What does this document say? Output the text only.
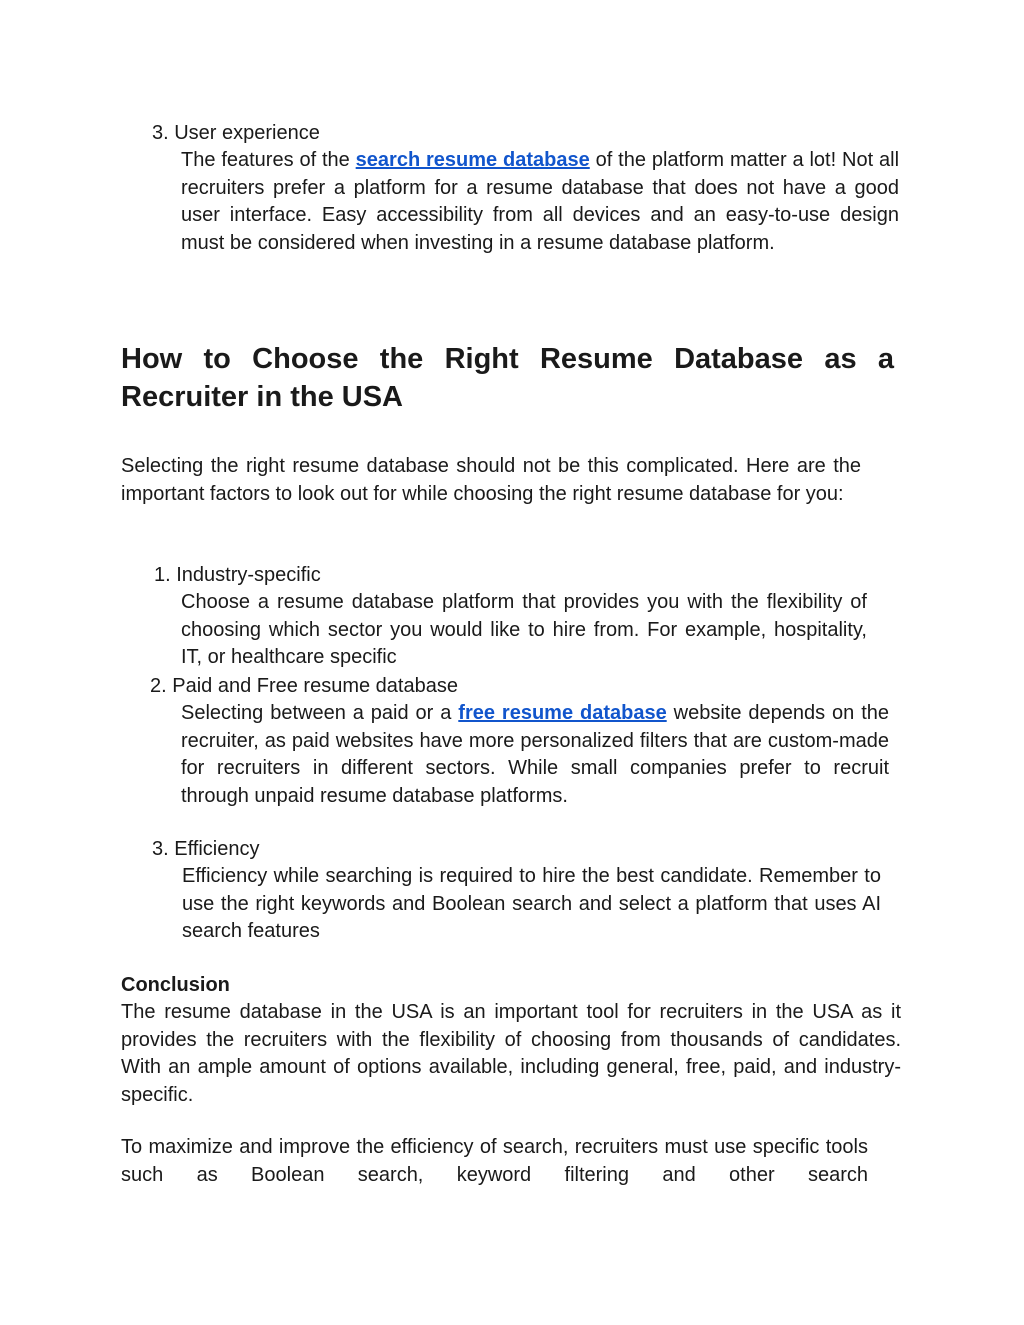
3. User experience

The features of the search resume database of the platform matter a lot! Not all recruiters prefer a platform for a resume database that does not have a good user interface. Easy accessibility from all devices and an easy-to-use design must be considered when investing in a resume database platform.

How to Choose the Right Resume Database as a Recruiter in the USA

Selecting the right resume database should not be this complicated. Here are the important factors to look out for while choosing the right resume database for you:

1. Industry-specific

Choose a resume database platform that provides you with the flexibility of choosing which sector you would like to hire from. For example, hospitality, IT, or healthcare specific

2. Paid and Free resume database

Selecting between a paid or a free resume database website depends on the recruiter, as paid websites have more personalized filters that are custom-made for recruiters in different sectors. While small companies prefer to recruit through unpaid resume database platforms.

3. Efficiency

Efficiency while searching is required to hire the best candidate. Remember to use the right keywords and Boolean search and select a platform that uses AI search features

Conclusion

The resume database in the USA is an important tool for recruiters in the USA as it provides the recruiters with the flexibility of choosing from thousands of candidates. With an ample amount of options available, including general, free, paid, and industry-specific.

To maximize and improve the efficiency of search, recruiters must use specific tools such as Boolean search, keyword filtering and other search
